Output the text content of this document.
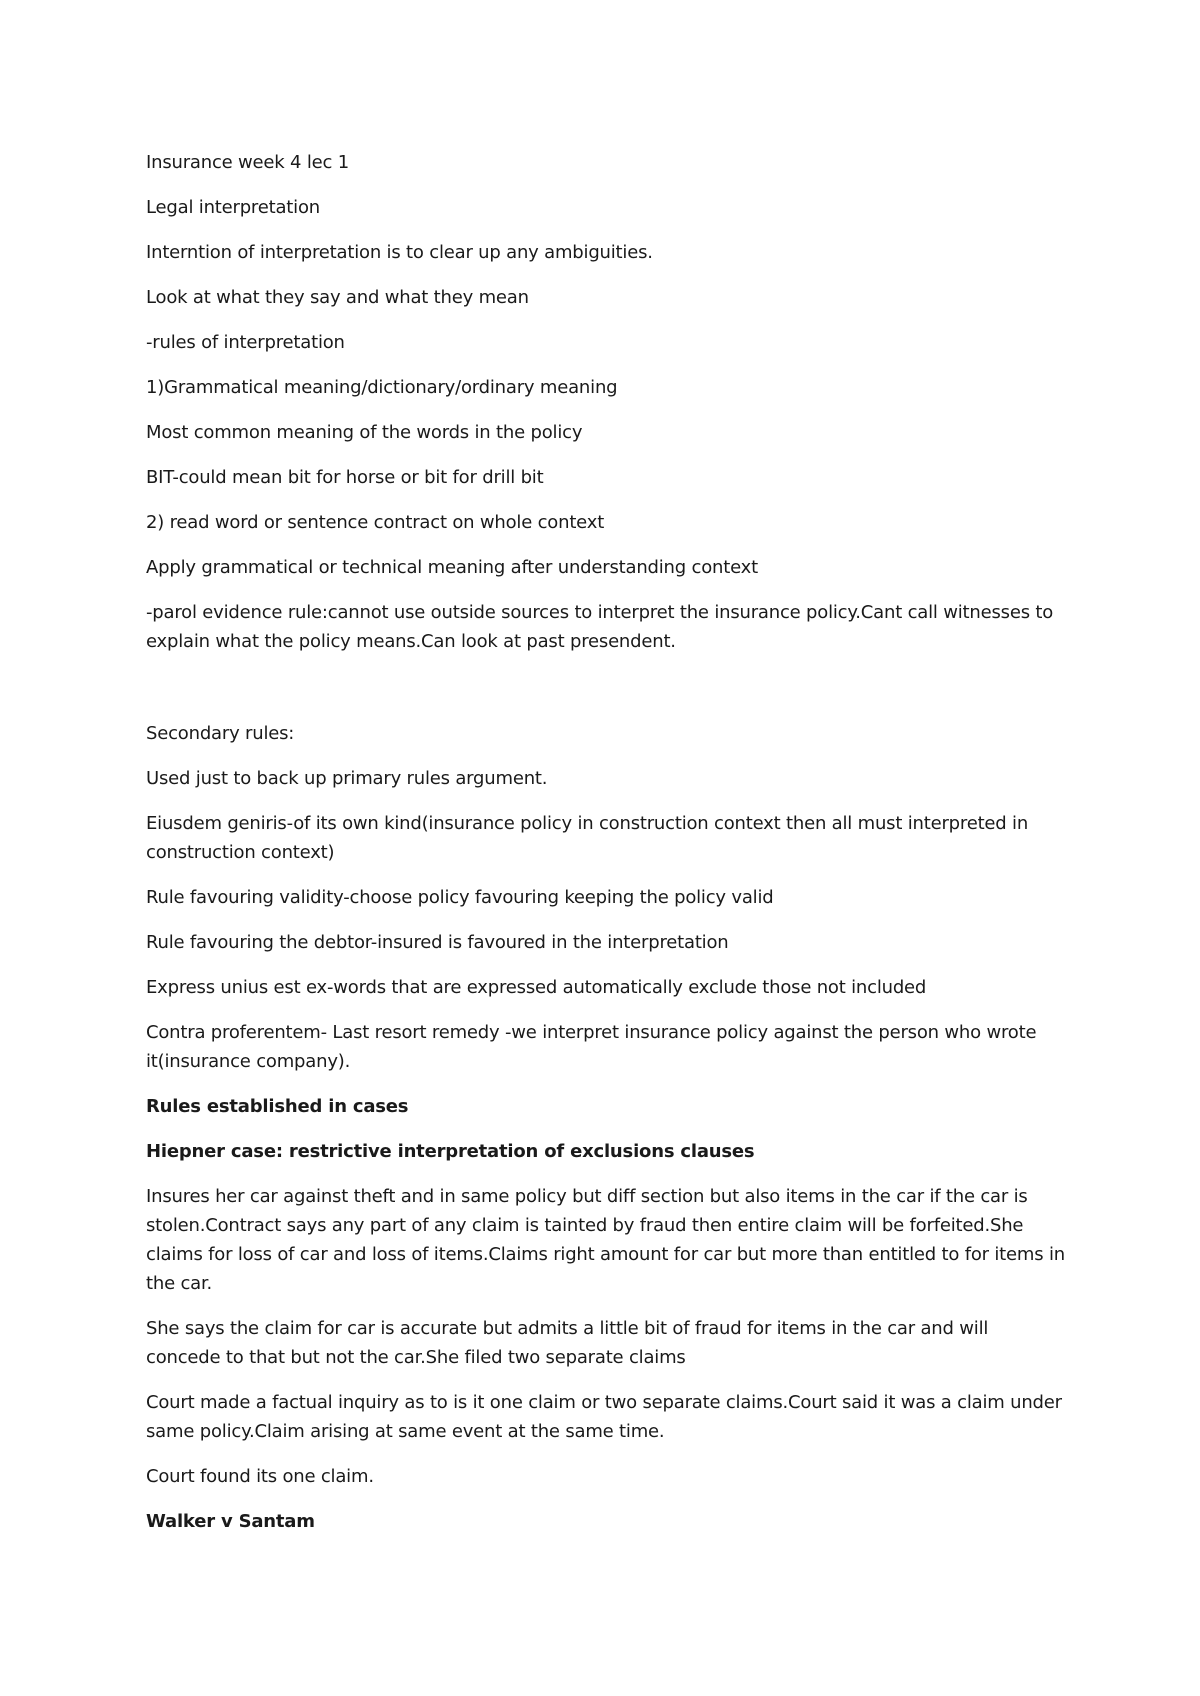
Insurance week 4 lec 1

Legal interpretation

Interntion of interpretation is to clear up any ambiguities.

Look at what they say and what they mean

-rules of interpretation

1)Grammatical meaning/dictionary/ordinary meaning

Most common meaning of the words in the policy

BIT-could mean bit for horse or bit for drill bit

2) read word or sentence contract on whole context

Apply grammatical or technical meaning after understanding context

-parol evidence rule:cannot use outside sources to interpret the insurance policy.Cant call witnesses to explain what the policy means.Can look at past presendent.

Secondary rules:

Used just to back up primary rules argument.

Eiusdem geniris-of its own kind(insurance policy in construction context then all must interpreted in construction context)

Rule favouring validity-choose policy favouring keeping the policy valid

Rule favouring the debtor-insured is favoured in the interpretation

Express unius est ex-words that are expressed automatically exclude those not included

Contra proferentem- Last resort remedy -we interpret insurance policy against the person who wrote it(insurance company).

Rules established in cases

Hiepner case: restrictive interpretation of exclusions clauses

Insures her car against theft and in same policy but diff section but also items in the car if the car is stolen.Contract says any part of any claim is tainted by fraud then entire claim will be forfeited.She claims for loss of car and loss of items.Claims right amount for car but more than entitled to for items in the car.

She says the claim for car is accurate but admits a little bit of fraud for items in the car and will concede to that but not the car.She filed two separate claims

Court made a factual inquiry as to is it one claim or two separate claims.Court said it was a claim under same policy.Claim arising at same event at the same time.

Court found its one claim.

Walker v Santam
